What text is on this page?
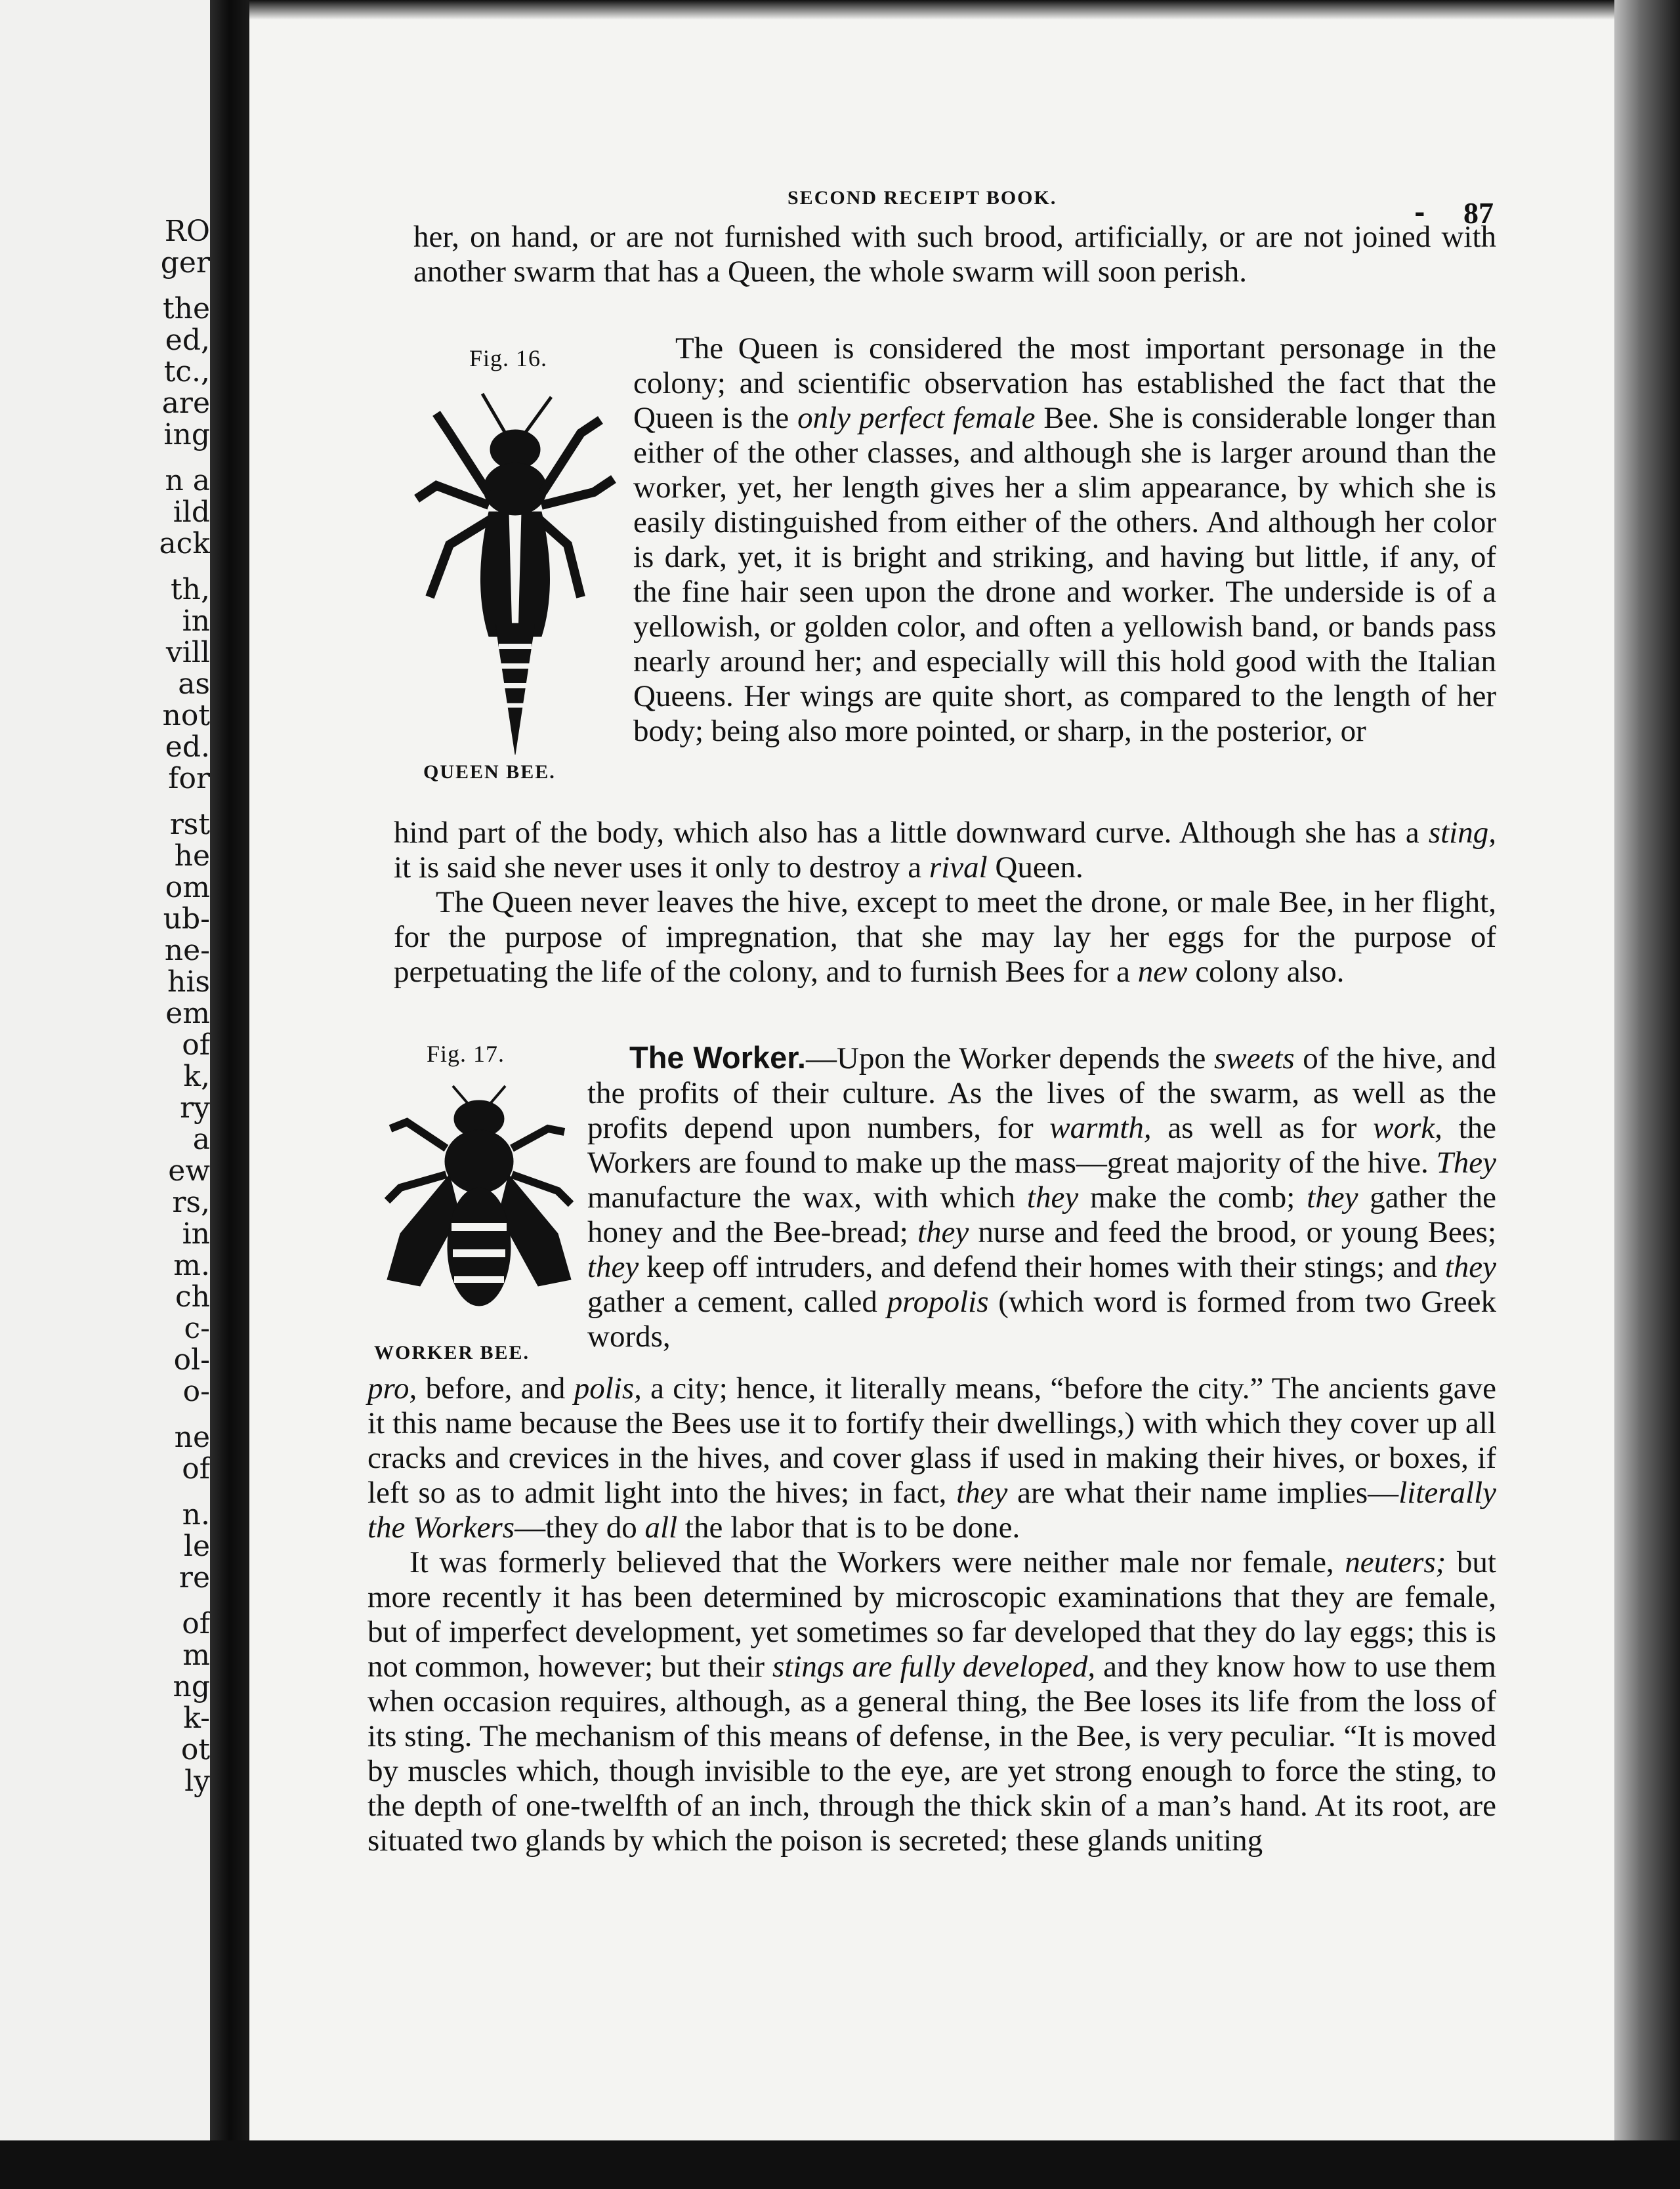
RO
ger
the
ed,
tc.,
are
ing
n a
ild
ack
th,
in
vill
as
not
ed.
for
rst
he
om
ub-
ne-
his
em
of
k,
ry
a
ew
rs,
in
m.
ch
c-
ol-
o-
ne
of
n.
le
re
of
m
ng
k-
ot
ly
SECOND RECEIPT BOOK.	- 87

her, on hand, or are not furnished with such brood, artificially, or are not joined with another swarm that has a Queen, the whole swarm will soon perish.

Fig. 16.
QUEEN BEE.

The Queen is considered the most important personage in the colony; and scientific observation has established the fact that the Queen is the only perfect female Bee. She is considerable longer than either of the other classes, and although she is larger around than the worker, yet, her length gives her a slim appearance, by which she is easily distinguished from either of the others. And although her color is dark, yet, it is bright and striking, and having but little, if any, of the fine hair seen upon the drone and worker. The underside is of a yellowish, or golden color, and often a yellowish band, or bands pass nearly around her; and especially will this hold good with the Italian Queens. Her wings are quite short, as compared to the length of her body; being also more pointed, or sharp, in the posterior, or

hind part of the body, which also has a little downward curve. Although she has a sting, it is said she never uses it only to destroy a rival Queen.

The Queen never leaves the hive, except to meet the drone, or male Bee, in her flight, for the purpose of impregnation, that she may lay her eggs for the purpose of perpetuating the life of the colony, and to furnish Bees for a new colony also.

Fig. 17.
WORKER BEE.

The Worker.—Upon the Worker depends the sweets of the hive, and the profits of their culture. As the lives of the swarm, as well as the profits depend upon numbers, for warmth, as well as for work, the Workers are found to make up the mass—great majority of the hive. They manufacture the wax, with which they make the comb; they gather the honey and the Bee-bread; they nurse and feed the brood, or young Bees; they keep off intruders, and defend their homes with their stings; and they gather a cement, called propolis (which word is formed from two Greek words,

pro, before, and polis, a city; hence, it literally means, “before the city.” The ancients gave it this name because the Bees use it to fortify their dwellings,) with which they cover up all cracks and crevices in the hives, and cover glass if used in making their hives, or boxes, if left so as to admit light into the hives; in fact, they are what their name implies—literally the Workers—they do all the labor that is to be done.

It was formerly believed that the Workers were neither male nor female, neuters; but more recently it has been determined by microscopic examinations that they are female, but of imperfect development, yet sometimes so far developed that they do lay eggs; this is not common, however; but their stings are fully developed, and they know how to use them when occasion requires, although, as a general thing, the Bee loses its life from the loss of its sting. The mechanism of this means of defense, in the Bee, is very peculiar. “It is moved by muscles which, though invisible to the eye, are yet strong enough to force the sting, to the depth of one-twelfth of an inch, through the thick skin of a man’s hand. At its root, are situated two glands by which the poison is secreted; these glands uniting
